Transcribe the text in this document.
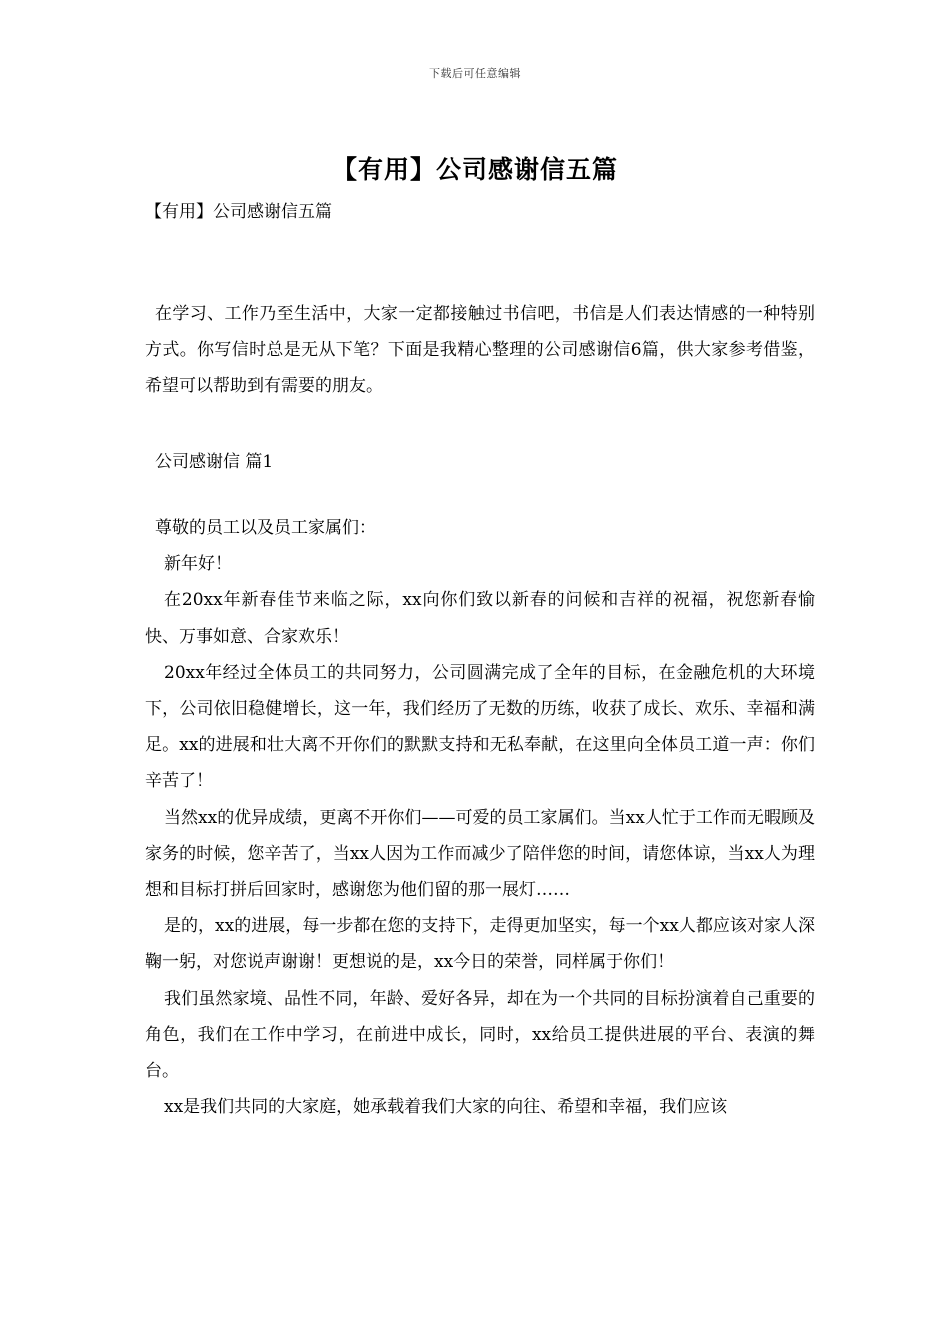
下载后可任意编辑
【有用】公司感谢信五篇
【有用】公司感谢信五篇

在学习、工作乃至生活中，大家一定都接触过书信吧，书信是人们表达情感的一种特别方式。你写信时总是无从下笔？下面是我精心整理的公司感谢信6篇，供大家参考借鉴，希望可以帮助到有需要的朋友。

公司感谢信 篇1

尊敬的员工以及员工家属们：

新年好！

在20xx年新春佳节来临之际，xx向你们致以新春的问候和吉祥的祝福，祝您新春愉快、万事如意、合家欢乐！

20xx年经过全体员工的共同努力，公司圆满完成了全年的目标，在金融危机的大环境下，公司依旧稳健增长，这一年，我们经历了无数的历练，收获了成长、欢乐、幸福和满足。xx的进展和壮大离不开你们的默默支持和无私奉献，在这里向全体员工道一声：你们辛苦了！

当然xx的优异成绩，更离不开你们——可爱的员工家属们。当xx人忙于工作而无暇顾及家务的时候，您辛苦了，当xx人因为工作而减少了陪伴您的时间，请您体谅，当xx人为理想和目标打拼后回家时，感谢您为他们留的那一展灯……

是的，xx的进展，每一步都在您的支持下，走得更加坚实，每一个xx人都应该对家人深鞠一躬，对您说声谢谢！更想说的是，xx今日的荣誉，同样属于你们！

我们虽然家境、品性不同，年龄、爱好各异，却在为一个共同的目标扮演着自己重要的角色，我们在工作中学习，在前进中成长，同时，xx给员工提供进展的平台、表演的舞台。

xx是我们共同的大家庭，她承载着我们大家的向往、希望和幸福，我们应该
